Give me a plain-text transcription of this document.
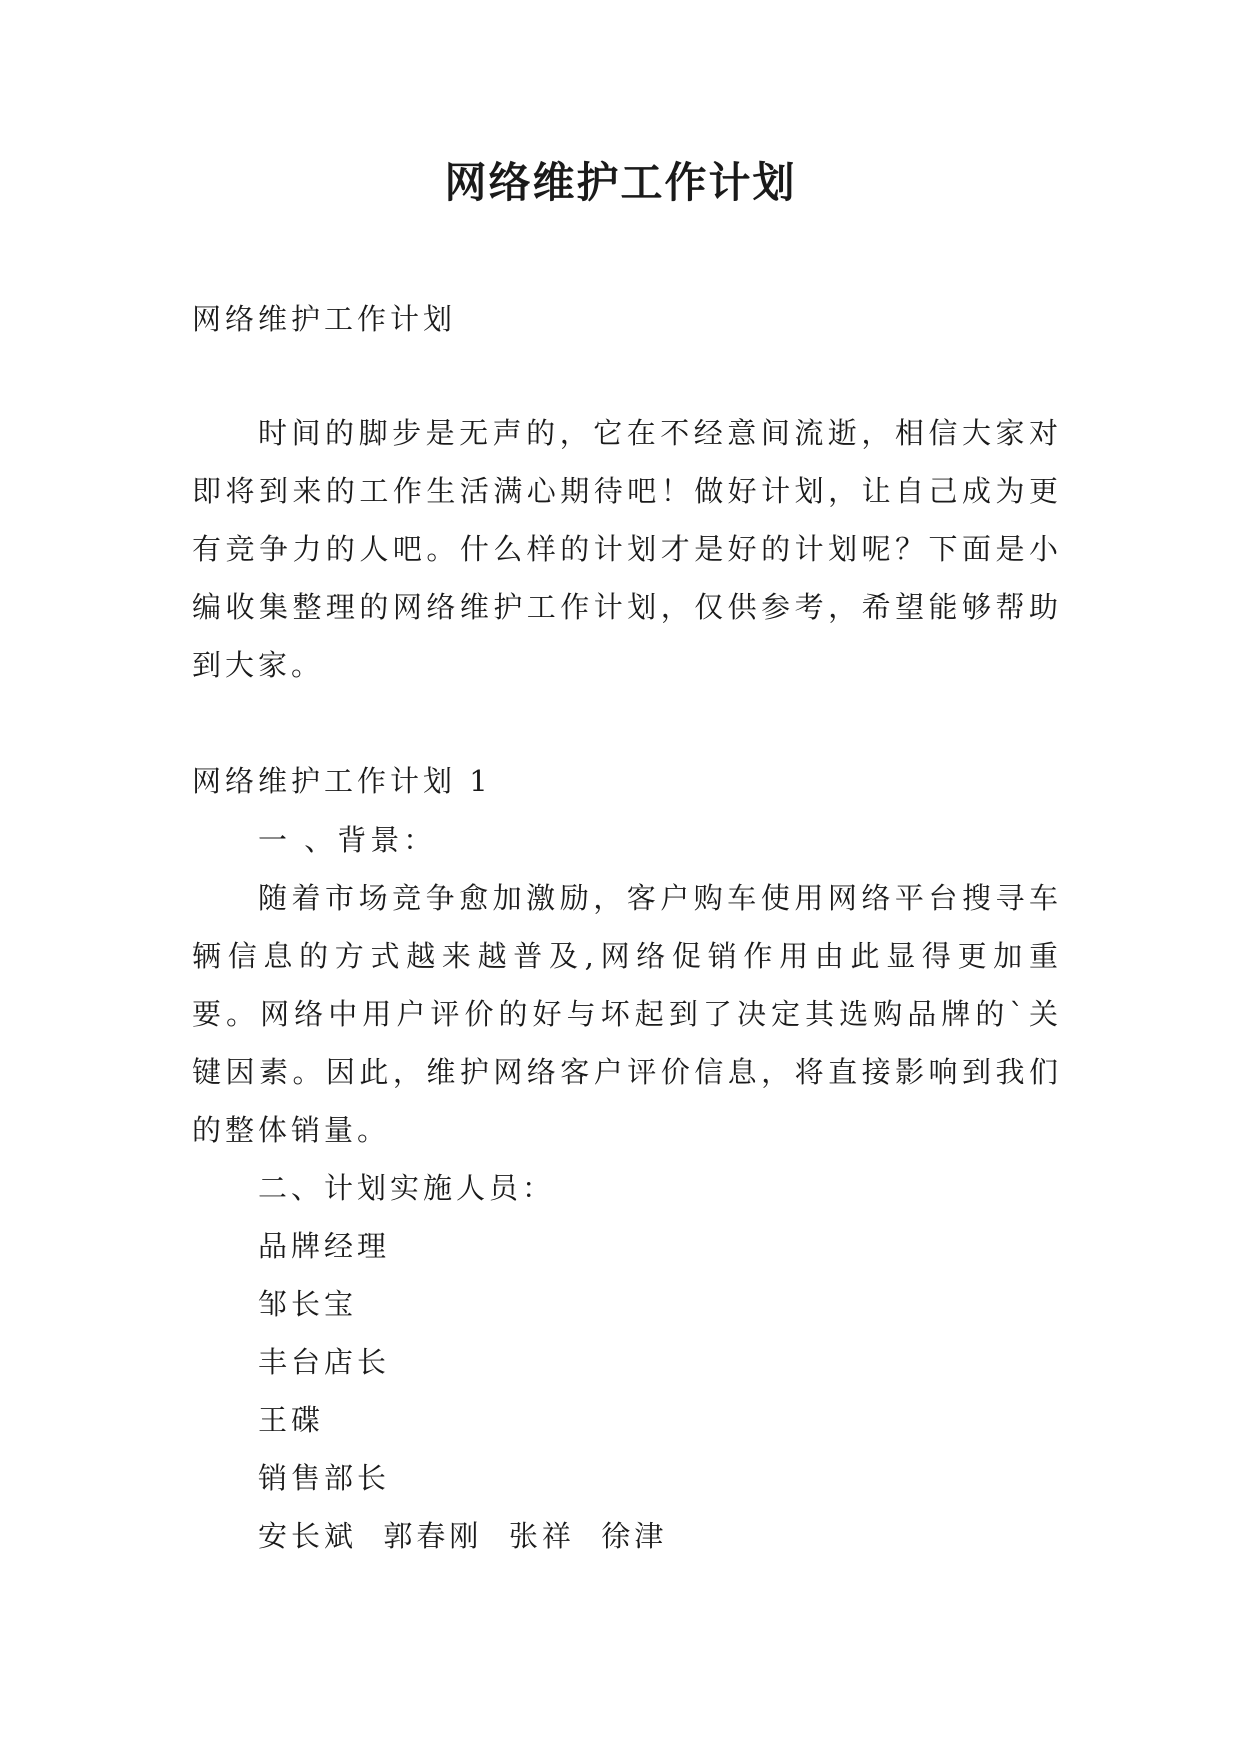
网络维护工作计划
网络维护工作计划
时间的脚步是无声的，它在不经意间流逝，相信大家对即将到来的工作生活满心期待吧！做好计划，让自己成为更有竞争力的人吧。什么样的计划才是好的计划呢？下面是小编收集整理的网络维护工作计划，仅供参考，希望能够帮助到大家。
网络维护工作计划 1

一 、背景：

随着市场竞争愈加激励，客户购车使用网络平台搜寻车辆信息的方式越来越普及,网络促销作用由此显得更加重要。网络中用户评价的好与坏起到了决定其选购品牌的`关键因素。因此，维护网络客户评价信息，将直接影响到我们的整体销量。

二、计划实施人员：

品牌经理

邹长宝

丰台店长

王碟

销售部长

安长斌  郭春刚  张祥  徐津
